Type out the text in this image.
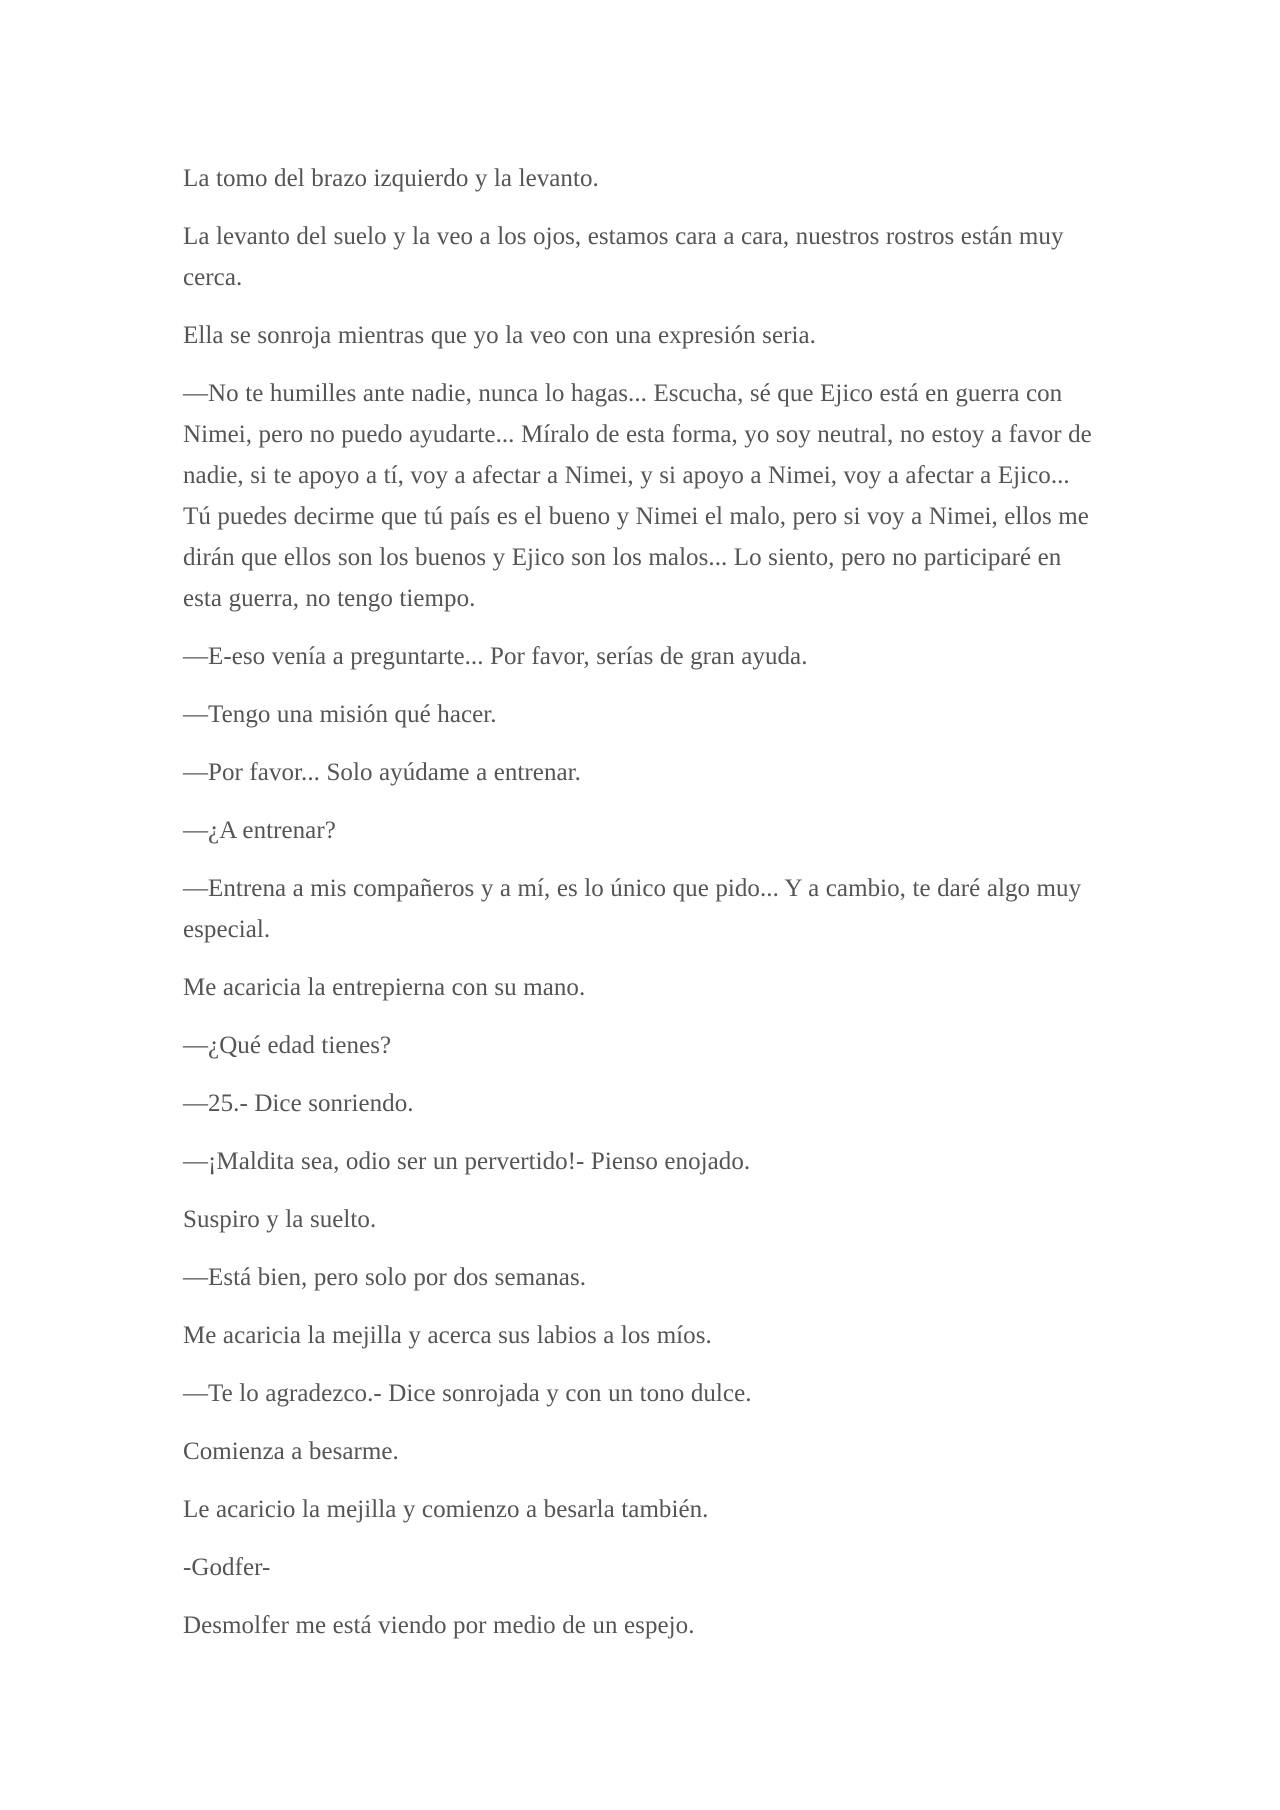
La tomo del brazo izquierdo y la levanto.

La levanto del suelo y la veo a los ojos, estamos cara a cara, nuestros rostros están muy cerca.

Ella se sonroja mientras que yo la veo con una expresión seria.

—No te humilles ante nadie, nunca lo hagas... Escucha, sé que Ejico está en guerra con Nimei, pero no puedo ayudarte... Míralo de esta forma, yo soy neutral, no estoy a favor de nadie, si te apoyo a tí, voy a afectar a Nimei, y si apoyo a Nimei, voy a afectar a Ejico... Tú puedes decirme que tú país es el bueno y Nimei el malo, pero si voy a Nimei, ellos me dirán que ellos son los buenos y Ejico son los malos... Lo siento, pero no participaré en esta guerra, no tengo tiempo.

—E-eso venía a preguntarte... Por favor, serías de gran ayuda.

—Tengo una misión qué hacer.

—Por favor... Solo ayúdame a entrenar.

—¿A entrenar?

—Entrena a mis compañeros y a mí, es lo único que pido... Y a cambio, te daré algo muy especial.

Me acaricia la entrepierna con su mano.

—¿Qué edad tienes?

—25.- Dice sonriendo.

—¡Maldita sea, odio ser un pervertido!- Pienso enojado.

Suspiro y la suelto.

—Está bien, pero solo por dos semanas.

Me acaricia la mejilla y acerca sus labios a los míos.

—Te lo agradezco.- Dice sonrojada y con un tono dulce.

Comienza a besarme.

Le acaricio la mejilla y comienzo a besarla también.

-Godfer-

Desmolfer me está viendo por medio de un espejo.
